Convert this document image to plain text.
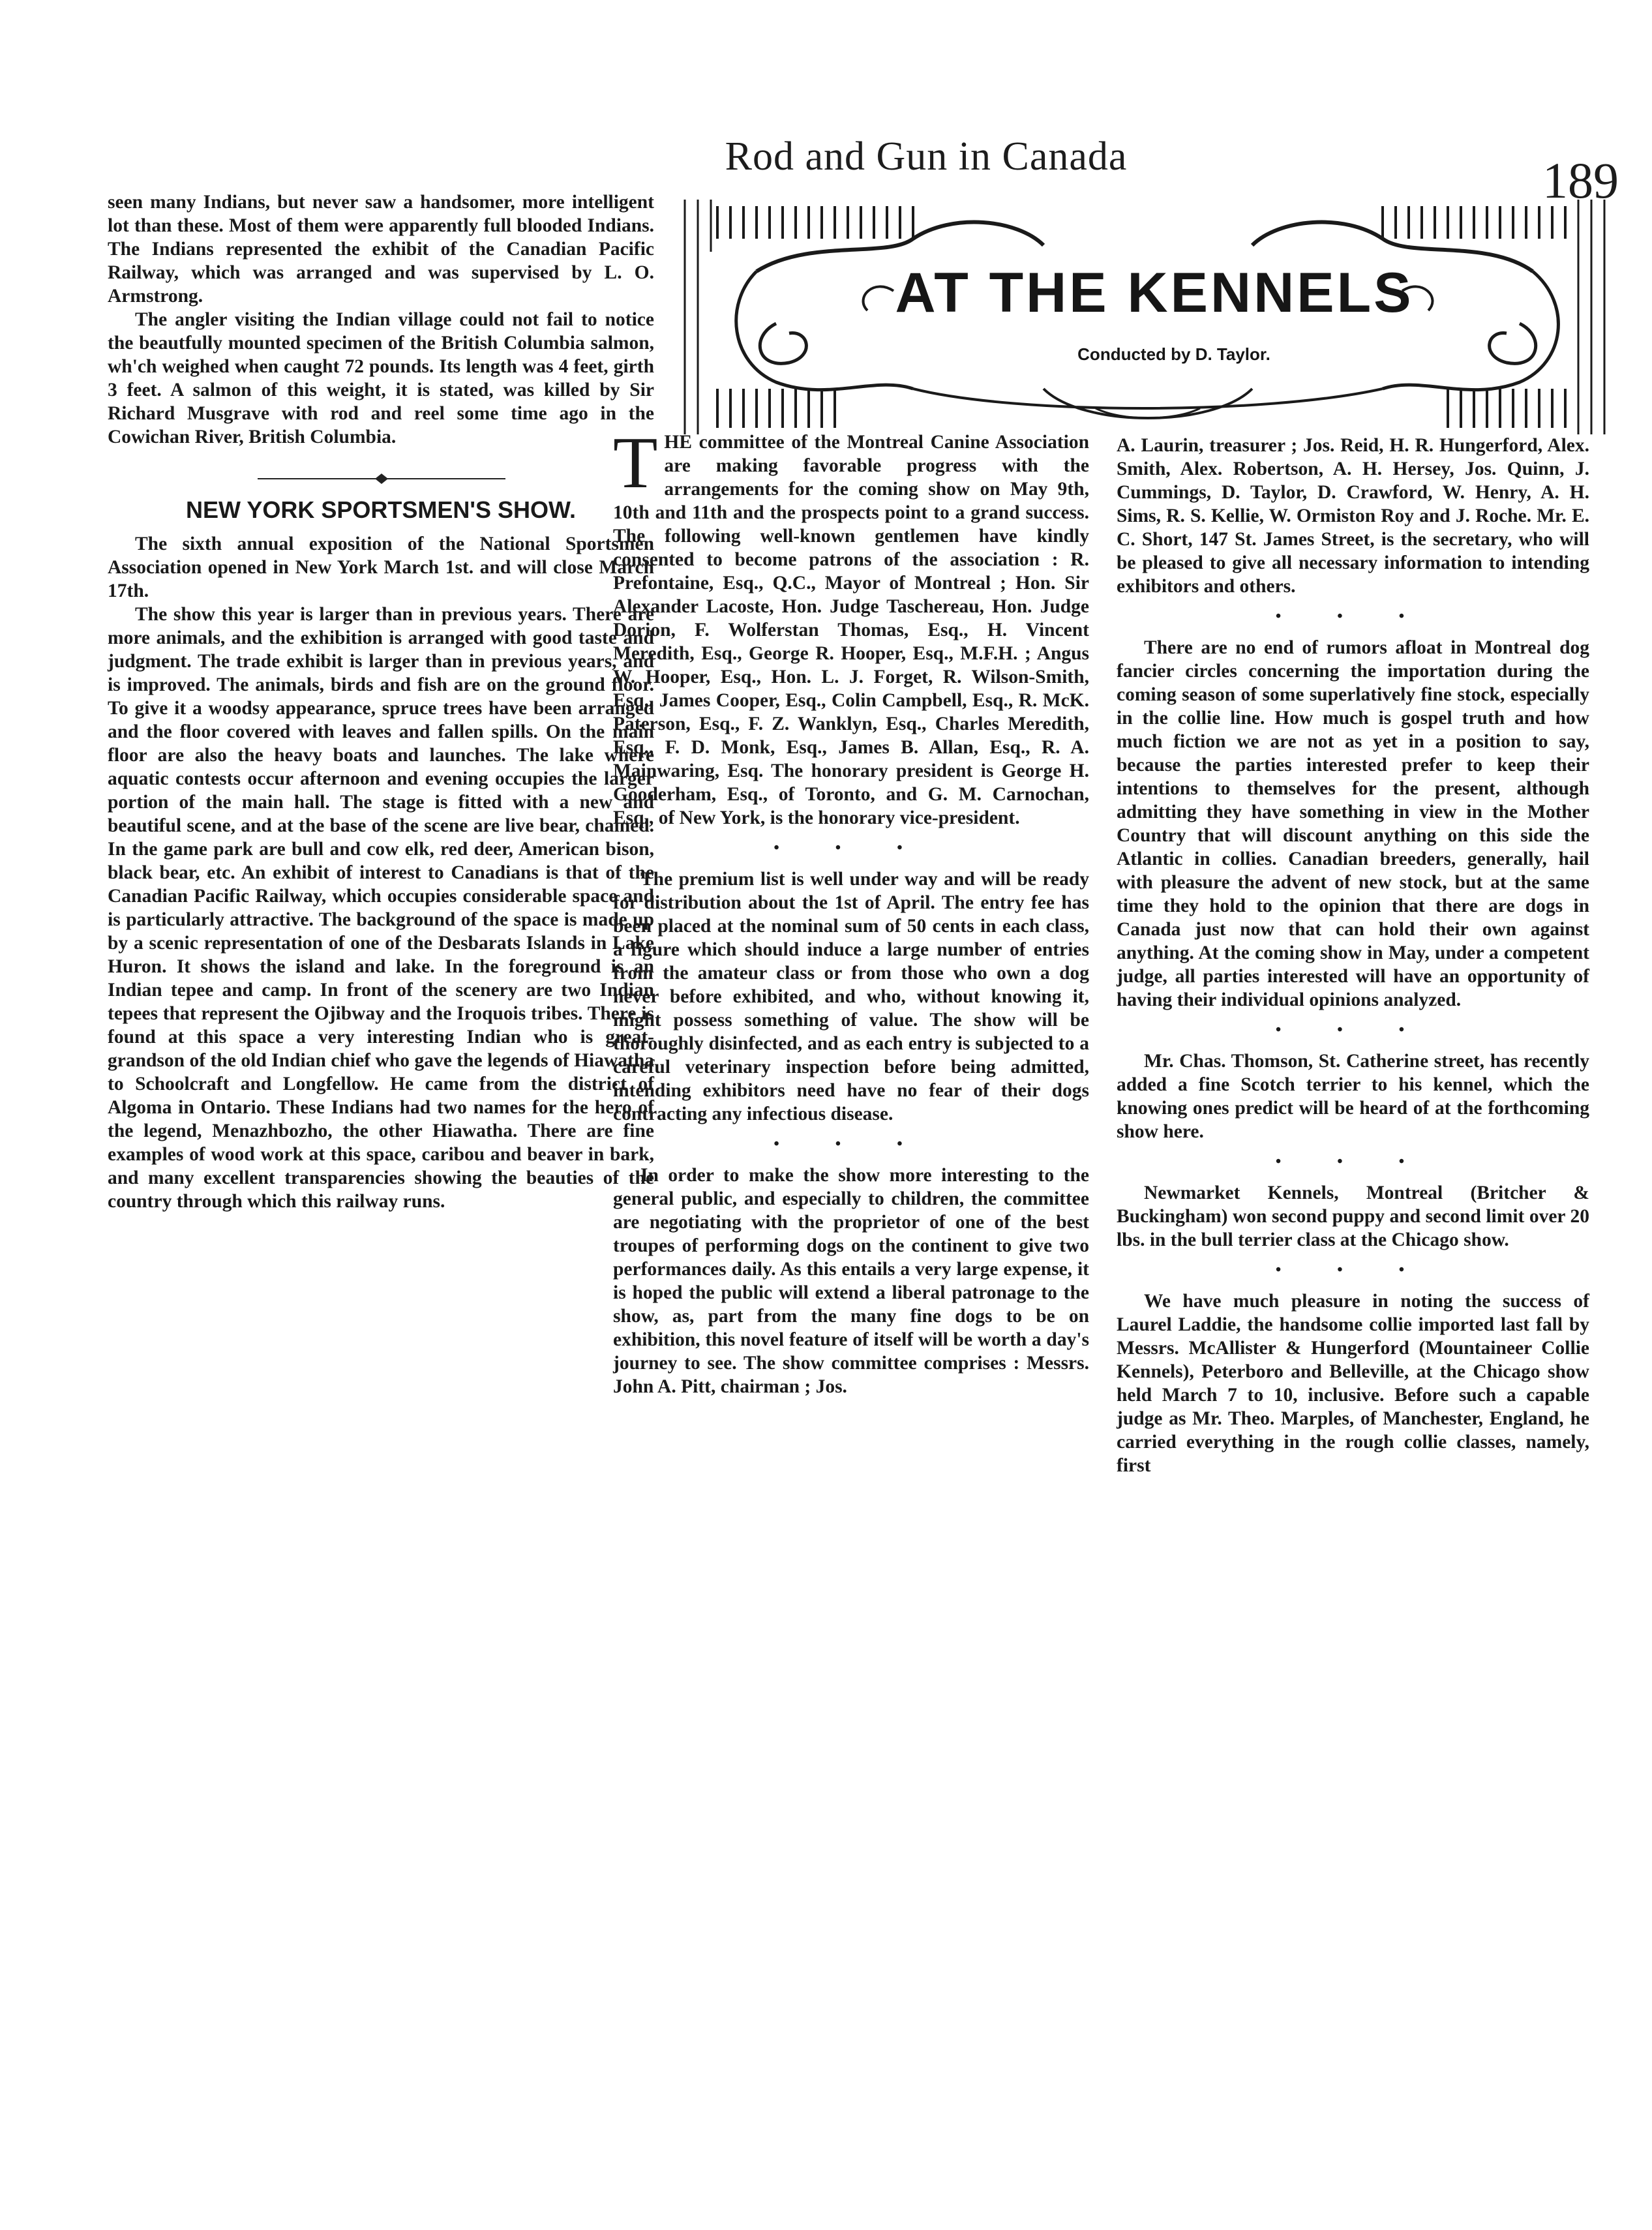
Rod and Gun in Canada	189
AT THE KENNELS
Conducted by D. Taylor.

seen many Indians, but never saw a handsomer, more intelligent lot than these. Most of them were apparently full blooded Indians. The Indians represented the exhibit of the Canadian Pacific Railway, which was arranged and was supervised by L. O. Armstrong.

The angler visiting the Indian village could not fail to notice the beautfully mounted specimen of the British Columbia salmon, wh'ch weighed when caught 72 pounds. Its length was 4 feet, girth 3 feet. A salmon of this weight, it is stated, was killed by Sir Richard Musgrave with rod and reel some time ago in the Cowichan River, British Columbia.

NEW YORK SPORTSMEN'S SHOW.

The sixth annual exposition of the National Sportsmen Association opened in New York March 1st. and will close March 17th.

The show this year is larger than in previous years. There are more animals, and the exhibition is arranged with good taste and judgment. The trade exhibit is larger than in previous years, and is improved. The animals, birds and fish are on the ground floor. To give it a woodsy appearance, spruce trees have been arranged and the floor covered with leaves and fallen spills. On the main floor are also the heavy boats and launches. The lake where aquatic contests occur afternoon and evening occupies the larger portion of the main hall. The stage is fitted with a new and beautiful scene, and at the base of the scene are live bear, chained. In the game park are bull and cow elk, red deer, American bison, black bear, etc. An exhibit of interest to Canadians is that of the Canadian Pacific Railway, which occupies considerable space and is particularly attractive. The background of the space is made up by a scenic representation of one of the Desbarats Islands in Lake Huron. It shows the island and lake. In the foreground is an Indian tepee and camp. In front of the scenery are two Indian tepees that represent the Ojibway and the Iroquois tribes. There is found at this space a very interesting Indian who is great-grandson of the old Indian chief who gave the legends of Hiawatha to Schoolcraft and Longfellow. He came from the district of Algoma in Ontario. These Indians had two names for the hero of the legend, Menazhbozho, the other Hiawatha. There are fine examples of wood work at this space, caribou and beaver in bark, and many excellent transparencies showing the beauties of the country through which this railway runs.

THE committee of the Montreal Canine Association are making favorable progress with the arrangements for the coming show on May 9th, 10th and 11th and the prospects point to a grand success. The following well-known gentlemen have kindly consented to become patrons of the association : R. Prefontaine, Esq., Q.C., Mayor of Montreal ; Hon. Sir Alexander Lacoste, Hon. Judge Taschereau, Hon. Judge Dorion, F. Wolferstan Thomas, Esq., H. Vincent Meredith, Esq., George R. Hooper, Esq., M.F.H. ; Angus W. Hooper, Esq., Hon. L. J. Forget, R. Wilson-Smith, Esq., James Cooper, Esq., Colin Campbell, Esq., R. McK. Paterson, Esq., F. Z. Wanklyn, Esq., Charles Meredith, Esq., F. D. Monk, Esq., James B. Allan, Esq., R. A. Mainwaring, Esq. The honorary president is George H. Gooderham, Esq., of Toronto, and G. M. Carnochan, Esq., of New York, is the honorary vice-president.

• • •

The premium list is well under way and will be ready for distribution about the 1st of April. The entry fee has been placed at the nominal sum of 50 cents in each class, a figure which should induce a large number of entries from the amateur class or from those who own a dog never before exhibited, and who, without knowing it, might possess something of value. The show will be thoroughly disinfected, and as each entry is subjected to a careful veterinary inspection before being admitted, intending exhibitors need have no fear of their dogs contracting any infectious disease.

• • •

In order to make the show more interesting to the general public, and especially to children, the committee are negotiating with the proprietor of one of the best troupes of performing dogs on the continent to give two performances daily. As this entails a very large expense, it is hoped the public will extend a liberal patronage to the show, as, part from the many fine dogs to be on exhibition, this novel feature of itself will be worth a day's journey to see. The show committee comprises : Messrs. John A. Pitt, chairman ; Jos.

A. Laurin, treasurer ; Jos. Reid, H. R. Hungerford, Alex. Smith, Alex. Robertson, A. H. Hersey, Jos. Quinn, J. Cummings, D. Taylor, D. Crawford, W. Henry, A. H. Sims, R. S. Kellie, W. Ormiston Roy and J. Roche. Mr. E. C. Short, 147 St. James Street, is the secretary, who will be pleased to give all necessary information to intending exhibitors and others.

• • •

There are no end of rumors afloat in Montreal dog fancier circles concerning the importation during the coming season of some superlatively fine stock, especially in the collie line. How much is gospel truth and how much fiction we are not as yet in a position to say, because the parties interested prefer to keep their intentions to themselves for the present, although admitting they have something in view in the Mother Country that will discount anything on this side the Atlantic in collies. Canadian breeders, generally, hail with pleasure the advent of new stock, but at the same time they hold to the opinion that there are dogs in Canada just now that can hold their own against anything. At the coming show in May, under a competent judge, all parties interested will have an opportunity of having their individual opinions analyzed.

• • •

Mr. Chas. Thomson, St. Catherine street, has recently added a fine Scotch terrier to his kennel, which the knowing ones predict will be heard of at the forthcoming show here.

• • •

Newmarket Kennels, Montreal (Britcher & Buckingham) won second puppy and second limit over 20 lbs. in the bull terrier class at the Chicago show.

• • •

We have much pleasure in noting the success of Laurel Laddie, the handsome collie imported last fall by Messrs. McAllister & Hungerford (Mountaineer Collie Kennels), Peterboro and Belleville, at the Chicago show held March 7 to 10, inclusive. Before such a capable judge as Mr. Theo. Marples, of Manchester, England, he carried everything in the rough collie classes, namely, first
